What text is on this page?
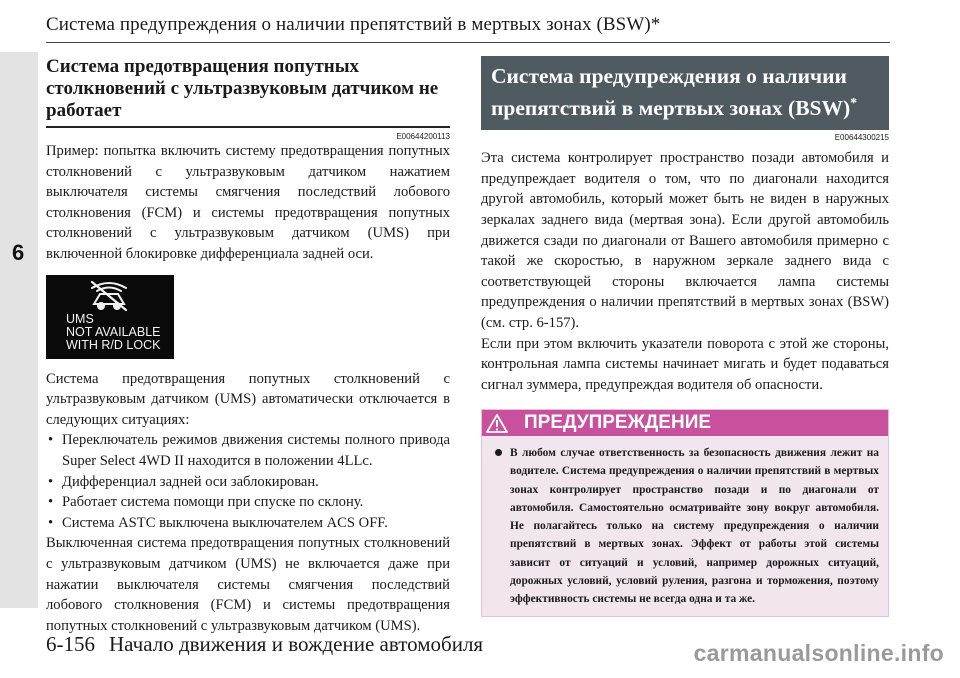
6
Система предупреждения о наличии препятствий в мертвых зонах (BSW)*
Система предотвращения попутных столкновений с ультразвуковым датчиком не работает
E00644200113

Пример: попытка включить систему предотвращения попутных столкновений с ультразвуковым датчиком нажатием выключателя системы смягчения последствий лобового столкновения (FCM) и системы предотвращения попутных столкновений с ультразвуковым датчиком (UMS) при включенной блокировке дифференциала задней оси.

UMS
NOT AVAILABLE
WITH R/D LOCK

Система предотвращения попутных столкновений с ультразвуковым датчиком (UMS) автоматически отключается в следующих ситуациях:

• Переключатель режимов движения системы полного привода Super Select 4WD II находится в положении 4LLc.
• Дифференциал задней оси заблокирован.
• Работает система помощи при спуске по склону.
• Система ASTC выключена выключателем ACS OFF.

Выключенная система предотвращения попутных столкновений с ультразвуковым датчиком (UMS) не включается даже при нажатии выключателя системы смягчения последствий лобового столкновения (FCM) и системы предотвращения попутных столкновений с ультразвуковым датчиком (UMS).

Система предупреждения о наличии
препятствий в мертвых зонах (BSW)*
E00644300215

Эта система контролирует пространство позади автомобиля и предупреждает водителя о том, что по диагонали находится другой автомобиль, который может быть не виден в наружных зеркалах заднего вида (мертвая зона). Если другой автомобиль движется сзади по диагонали от Вашего автомобиля примерно с такой же скоростью, в наружном зеркале заднего вида с соответствующей стороны включается лампа системы предупреждения о наличии препятствий в мертвых зонах (BSW) (см. стр. 6-157).

Если при этом включить указатели поворота с этой же стороны, контрольная лампа системы начинает мигать и будет подаваться сигнал зуммера, предупреждая водителя об опасности.

ПРЕДУПРЕЖДЕНИЕ

В любом случае ответственность за безопасность движения лежит на водителе. Система предупреждения о наличии препятствий в мертвых зонах контролирует пространство позади и по диагонали от автомобиля. Самостоятельно осматривайте зону вокруг автомобиля. Не полагайтесь только на систему предупреждения о наличии препятствий в мертвых зонах. Эффект от работы этой системы зависит от ситуаций и условий, например дорожных ситуаций, дорожных условий, условий руления, разгона и торможения, поэтому эффективность системы не всегда одна и та же.

6-156 Начало движения и вождение автомобиля	carmanualsonline.info
